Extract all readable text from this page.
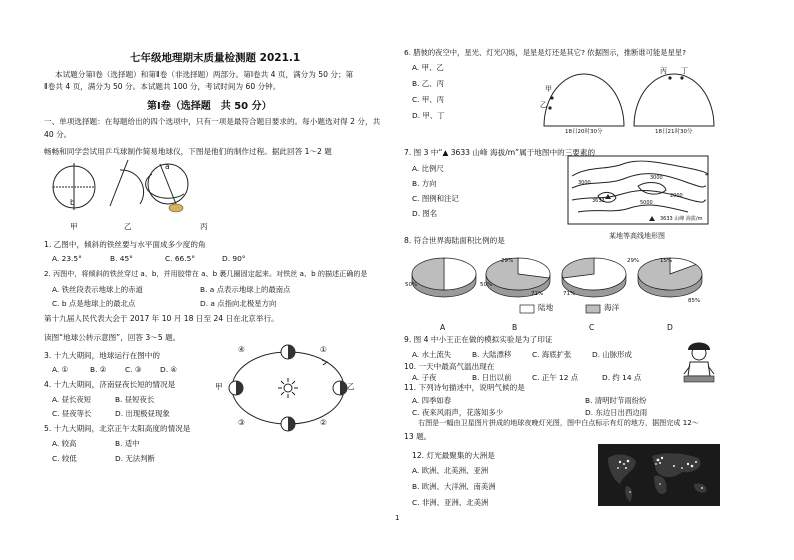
七年级地理期末质量检测题 2021.1
本试题分第Ⅰ卷（选择题）和第Ⅱ卷（非选择题）两部分。第Ⅰ卷共 4 页，满分为 50 分；第
Ⅱ卷共 4 页，满分为 50 分。本试题共 100 分，考试时间为 60 分钟。
第Ⅰ卷（选择题　共 50 分）
一、单项选择题：在每题给出的四个选项中，只有一项是最符合题目要求的。每小题选对得 2 分，共
40 分。
畅畅和同学尝试用乒乓球制作简易地球仪，下图是他们的制作过程。据此回答 1～2 题
b
a
甲	乙	丙
1. 乙图中，倾斜的铁丝要与水平面成多少度的角
A. 23.5°	B. 45°	C. 66.5°	D. 90°
2. 丙图中，将倾斜的铁丝穿过 a、b，并用胶带在 a、b 裹几圈固定起来。对铁丝 a、b 的描述正确的是
A. 铁丝段表示地球上的赤道	B. a 点表示地球上的最南点
C. b 点是地球上的最北点	D. a 点指向北极星方向
第十九届人民代表大会于 2017 年 10 月 18 日至 24 日在北京举行。
读图“地球公转示意图”，回答 3～5 题。
3. 十九大期间，地球运行在图中的
A. ①	B. ②	C. ③	D. ④
4. 十九大期间，济南昼夜长短的情况是
A. 昼长夜短	B. 昼短夜长
C. 昼夜等长	D. 出现极昼现象
5. 十九大期间，北京正午太阳高度的情况是
A. 较高	B. 适中
C. 较低	D. 无法判断
④	①
②
③
甲	乙
6. 腊彼的夜空中，星光、灯光闪烁，是星是灯还是其它? 依据图示，推断谁可能是星星?
A. 甲、乙
B. 乙、丙
C. 甲、丙
D. 甲、丁
甲
乙
丙 丁
18日20时30分	18日21时30分
7. 图 3 中“▲ 3633 山峰 海拔/m”属于地图中的三要素的
A. 比例尺
B. 方向
C. 图例和注记
D. 图名
3000
3000
3633
2000
5000
3633 山峰 海拔/m
某地等高线地形图
8. 符合世界海陆面积比例的是
50%	50%
29%
71%	71%
29%	15%
85%
陆地	海洋
A	B	C	D
9. 图 4 中小王正在做的模拟实验是为了印证
A. 水土流失	B. 大陆漂移	C. 海底扩张	D. 山脉形成
10. 一天中最高气温出现在
A. 子夜	B. 日出以前	C. 正午 12 点	D. 约 14 点
11. 下列诗句描述中，说明气候的是
A. 四季如春	B. 清明时节雨纷纷
C. 夜来风雨声，花落知多少	D. 东边日出西边雨
右图是一幅由卫星图片拼成的地球夜晚灯光图，图中白点标示有灯的地方，据图完成 12～
13 题。
12. 灯光最聚集的大洲是
A. 欧洲、北美洲、亚洲
B. 欧洲、大洋洲、南美洲
C. 非洲、亚洲、北美洲
1
